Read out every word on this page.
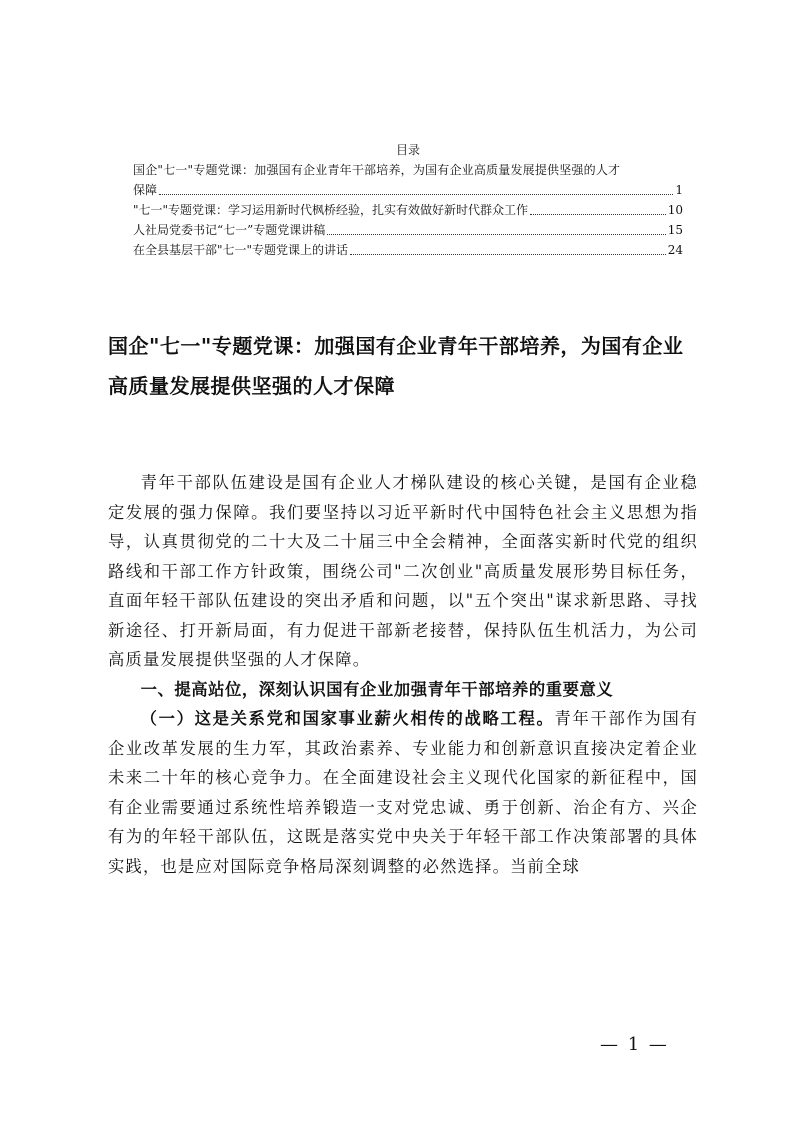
目录
国企"七一"专题党课：加强国有企业青年干部培养，为国有企业高质量发展提供坚强的人才
保障	1
"七一"专题党课：学习运用新时代枫桥经验，扎实有效做好新时代群众工作	10
人社局党委书记“七一”专题党课讲稿	15
在全县基层干部"七一"专题党课上的讲话	24
国企"七一"专题党课：加强国有企业青年干部培养，为国有企业高质量发展提供坚强的人才保障

青年干部队伍建设是国有企业人才梯队建设的核心关键，是国有企业稳定发展的强力保障。我们要坚持以习近平新时代中国特色社会主义思想为指导，认真贯彻党的二十大及二十届三中全会精神，全面落实新时代党的组织路线和干部工作方针政策，围绕公司"二次创业"高质量发展形势目标任务，直面年轻干部队伍建设的突出矛盾和问题，以"五个突出"谋求新思路、寻找新途径、打开新局面，有力促进干部新老接替，保持队伍生机活力，为公司高质量发展提供坚强的人才保障。

一、提高站位，深刻认识国有企业加强青年干部培养的重要意义

（一）这是关系党和国家事业薪火相传的战略工程。青年干部作为国有企业改革发展的生力军，其政治素养、专业能力和创新意识直接决定着企业未来二十年的核心竞争力。在全面建设社会主义现代化国家的新征程中，国有企业需要通过系统性培养锻造一支对党忠诚、勇于创新、治企有方、兴企有为的年轻干部队伍，这既是落实党中央关于年轻干部工作决策部署的具体实践，也是应对国际竞争格局深刻调整的必然选择。当前全球

— 1 —
